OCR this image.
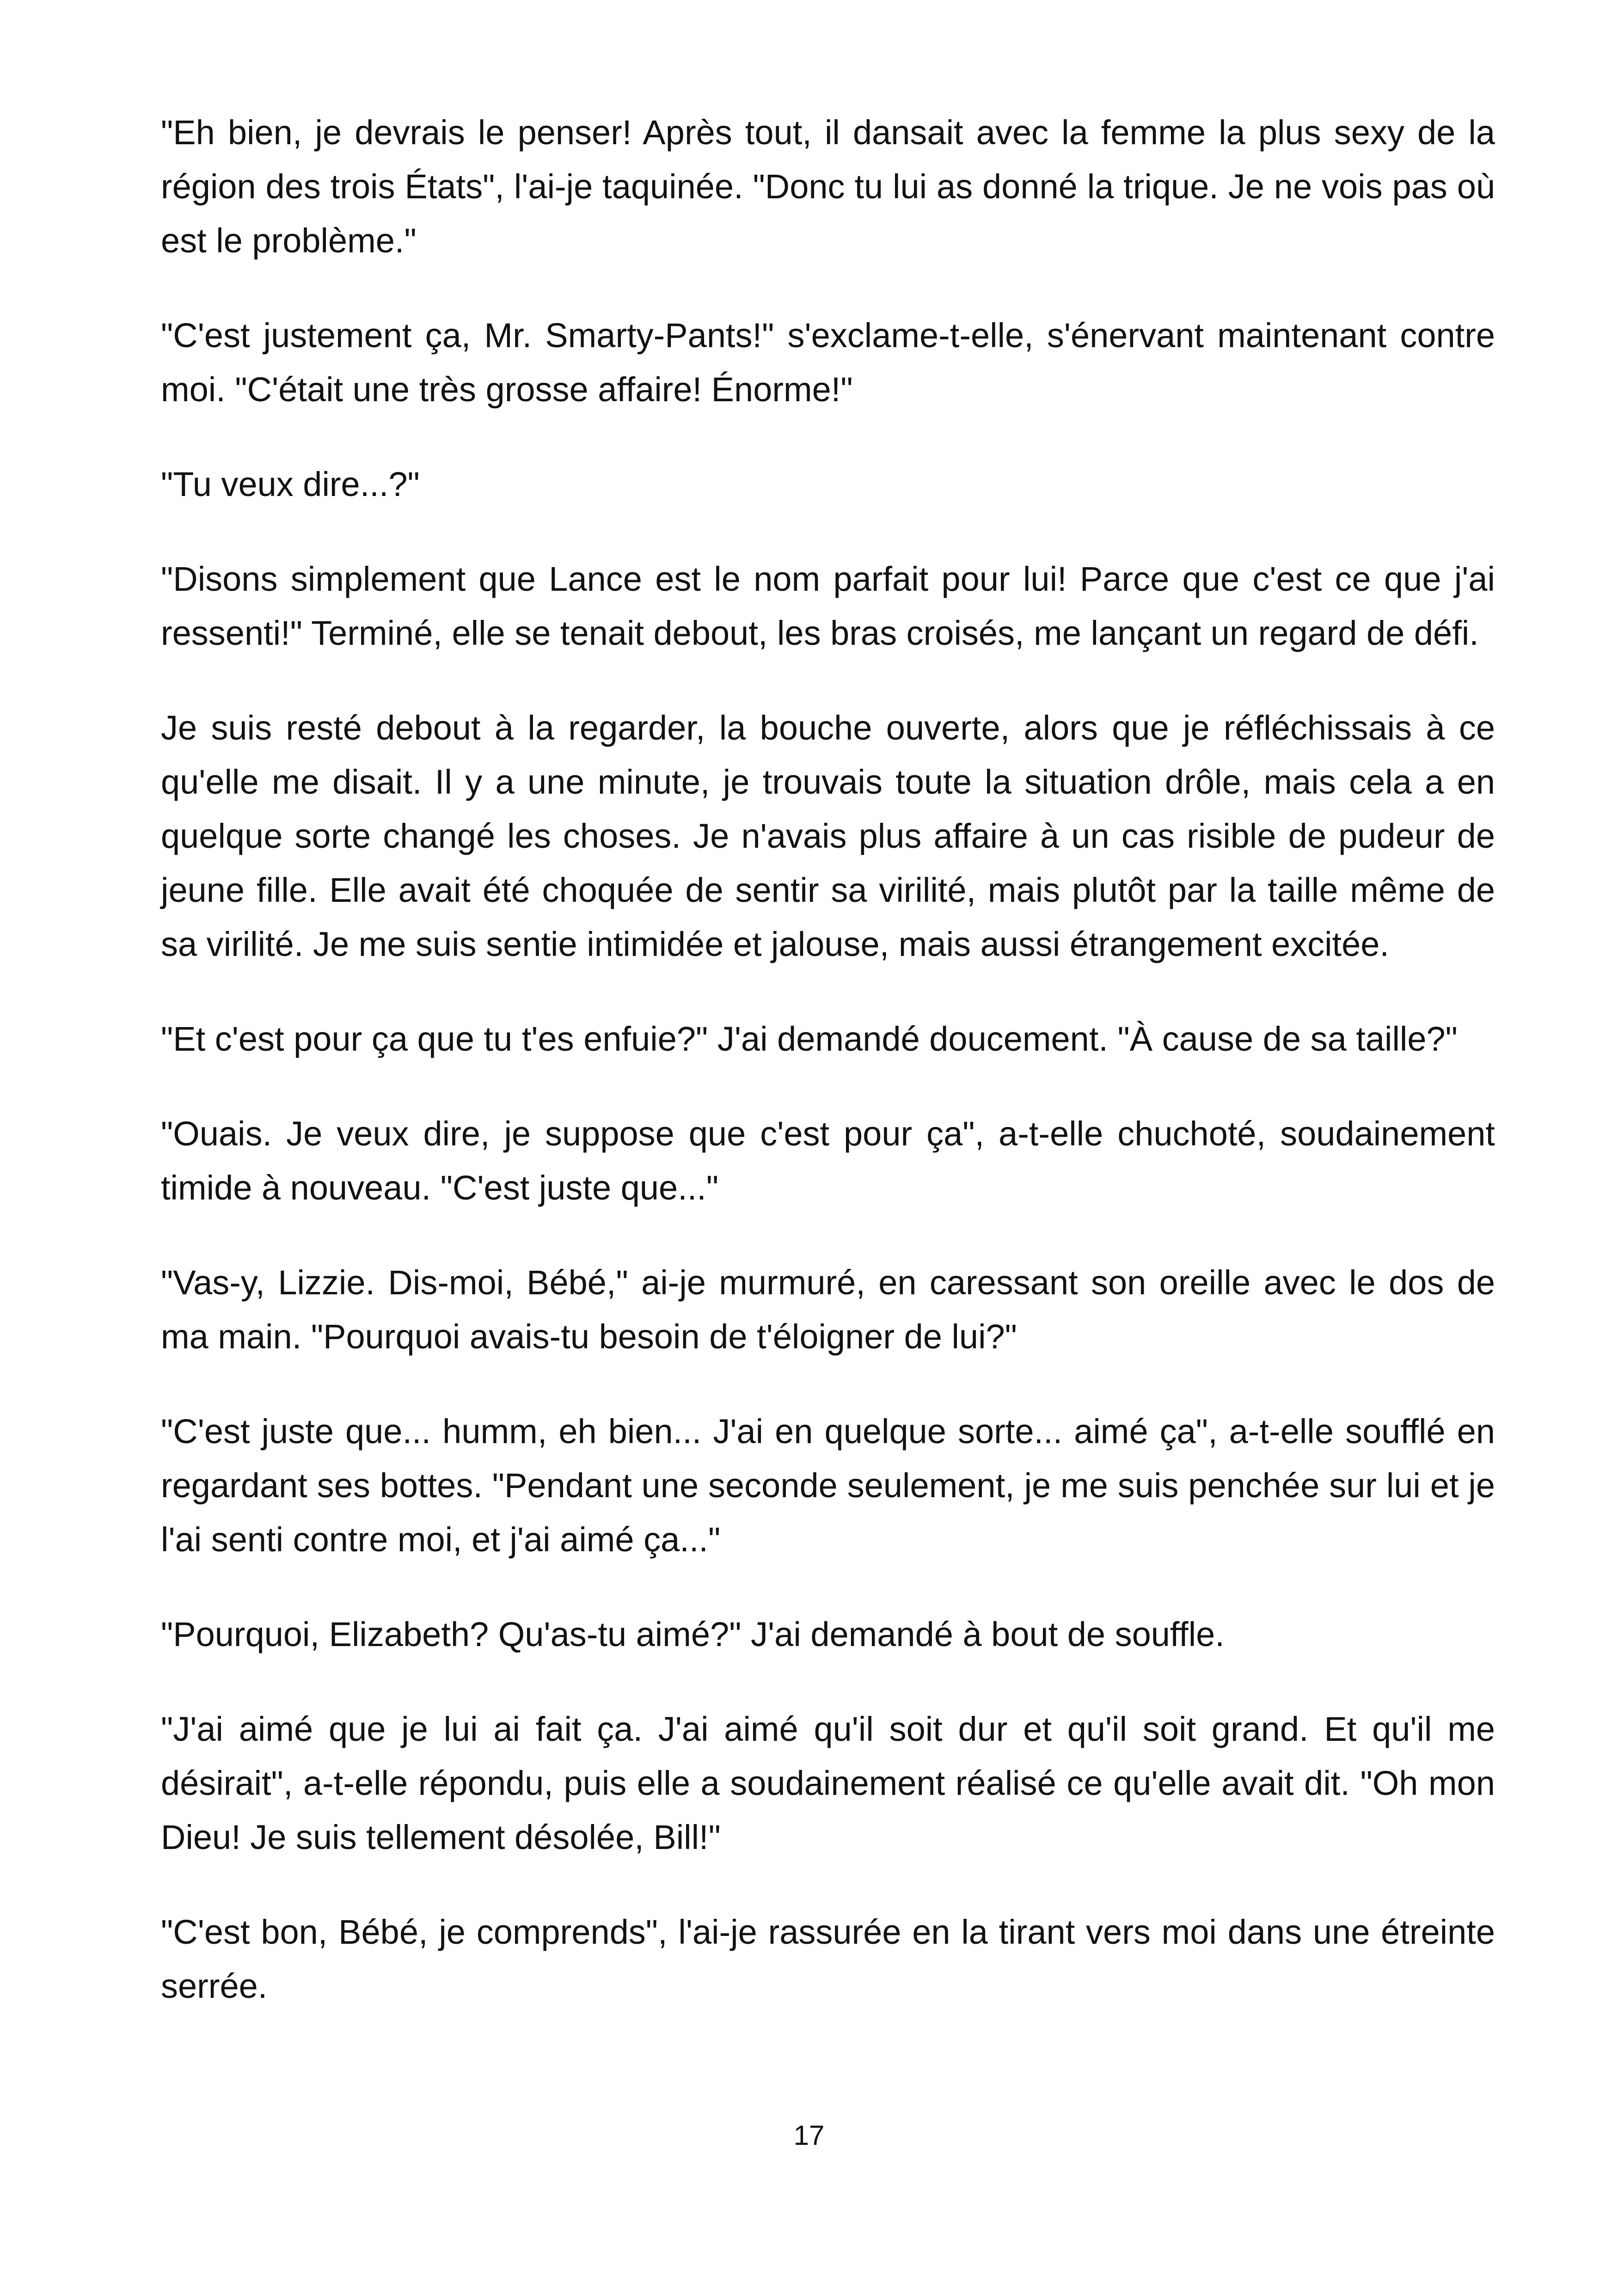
"Eh bien, je devrais le penser! Après tout, il dansait avec la femme la plus sexy de la région des trois États", l'ai-je taquinée. "Donc tu lui as donné la trique. Je ne vois pas où est le problème."

"C'est justement ça, Mr. Smarty-Pants!" s'exclame-t-elle, s'énervant maintenant contre moi. "C'était une très grosse affaire! Énorme!"

"Tu veux dire...?"

"Disons simplement que Lance est le nom parfait pour lui! Parce que c'est ce que j'ai ressenti!" Terminé, elle se tenait debout, les bras croisés, me lançant un regard de défi.

Je suis resté debout à la regarder, la bouche ouverte, alors que je réfléchissais à ce qu'elle me disait. Il y a une minute, je trouvais toute la situation drôle, mais cela a en quelque sorte changé les choses. Je n'avais plus affaire à un cas risible de pudeur de jeune fille. Elle avait été choquée de sentir sa virilité, mais plutôt par la taille même de sa virilité. Je me suis sentie intimidée et jalouse, mais aussi étrangement excitée.

"Et c'est pour ça que tu t'es enfuie?" J'ai demandé doucement. "À cause de sa taille?"

"Ouais. Je veux dire, je suppose que c'est pour ça", a-t-elle chuchoté, soudainement timide à nouveau. "C'est juste que..."

"Vas-y, Lizzie. Dis-moi, Bébé," ai-je murmuré, en caressant son oreille avec le dos de ma main. "Pourquoi avais-tu besoin de t'éloigner de lui?"

"C'est juste que... humm, eh bien... J'ai en quelque sorte... aimé ça", a-t-elle soufflé en regardant ses bottes. "Pendant une seconde seulement, je me suis penchée sur lui et je l'ai senti contre moi, et j'ai aimé ça..."

"Pourquoi, Elizabeth? Qu'as-tu aimé?" J'ai demandé à bout de souffle.

"J'ai aimé que je lui ai fait ça. J'ai aimé qu'il soit dur et qu'il soit grand. Et qu'il me désirait", a-t-elle répondu, puis elle a soudainement réalisé ce qu'elle avait dit. "Oh mon Dieu! Je suis tellement désolée, Bill!"

"C'est bon, Bébé, je comprends", l'ai-je rassurée en la tirant vers moi dans une étreinte serrée.

17
